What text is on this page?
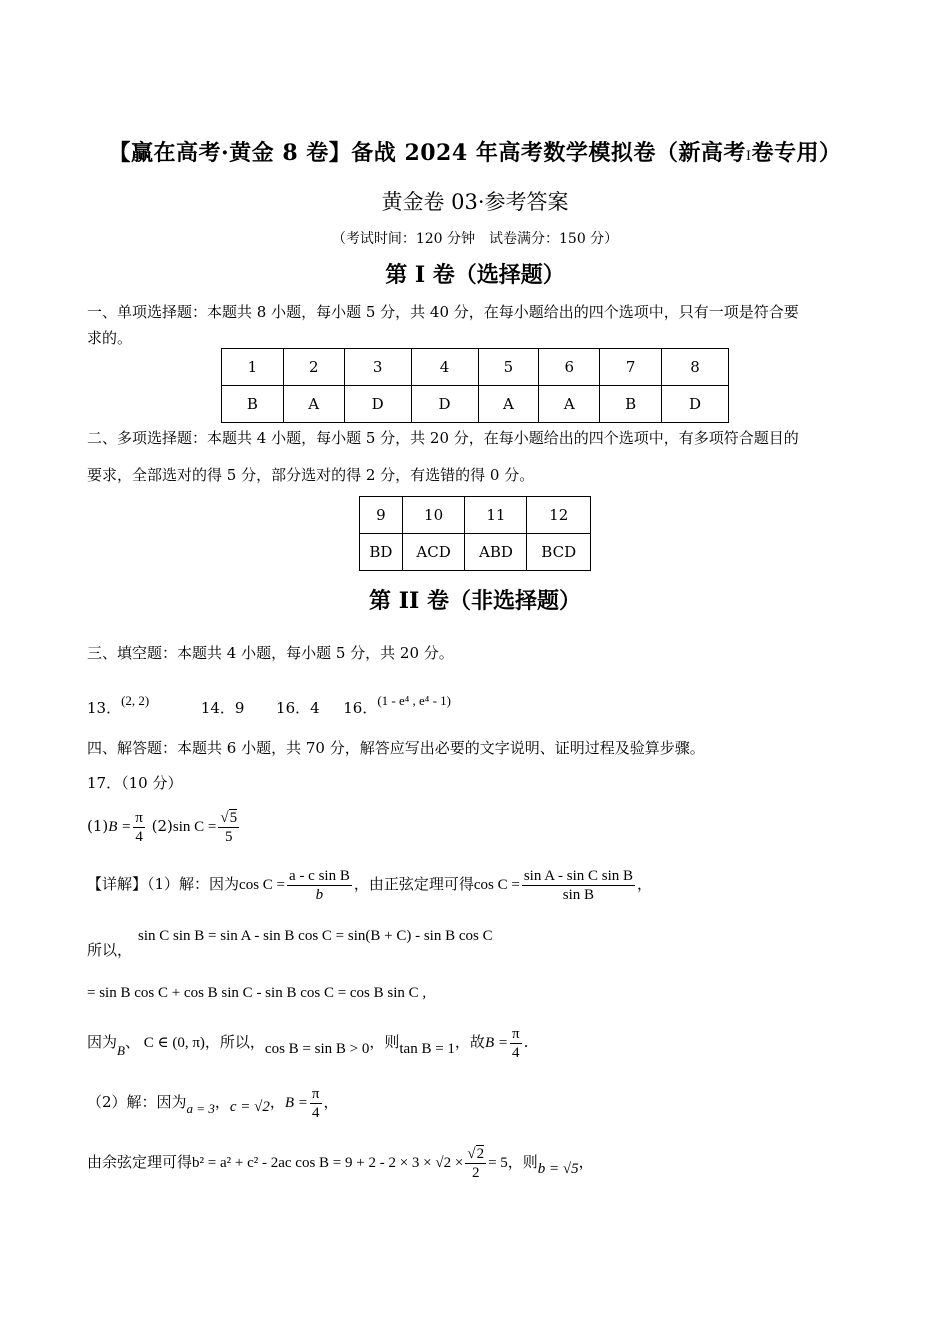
【赢在高考·黄金 8 卷】备战 2024 年高考数学模拟卷（新高考I卷专用）
黄金卷 03·参考答案
（考试时间：120 分钟　试卷满分：150 分）
第 I 卷（选择题）
一、单项选择题：本题共 8 小题，每小题 5 分，共 40 分，在每小题给出的四个选项中，只有一项是符合要
求的。
1	2	3	4	5	6	7	8
B	A	D	D	A	A	B	D
二、多项选择题：本题共 4 小题，每小题 5 分，共 20 分，在每小题给出的四个选项中，有多项符合题目的
要求，全部选对的得 5 分，部分选对的得 2 分，有选错的得 0 分。
9	10	11	12
BD	ACD	ABD	BCD
第 II 卷（非选择题）
三、填空题：本题共 4 小题，每小题 5 分，共 20 分。
13．(2, 2)	14．9 16．4 16．(1 - e⁴ , e⁴ - 1)
四、解答题：本题共 6 小题，共 70 分，解答应写出必要的文字说明、证明过程及验算步骤。
17．（10 分）
$(1)B = \frac{\pi}{4} (2)\sin$ $C = \frac{√5}{5}$
【详解】（1）解：因为$\cos C = \frac{\text{a - c sin B}}{b}$ ，由正弦定理可得$\cos C = \frac{\text{sin A - sin C sin B}}{\text{sin B}}$ ，
所以，
sin C sin B = sin A - sin B cos C = sin(B + C) - sin B cos C
= sin B cos C + cos B sin C - sin B cos C = cos B sin C ,
因为B、 C ∈ (0, π)，所以，cos B = sin B > 0，则tan B = 1，故$B = \frac{\pi}{4}$ .
（2）解：因为a = 3，c = √2，$B = \frac{\pi}{4}$ ，
由余弦定理可得b² = a² + c² - 2ac $\cos B = 9 + 2 - 2 \times 3 \times √2 \times \frac{√2}{2} = 5$，则b = √5，
